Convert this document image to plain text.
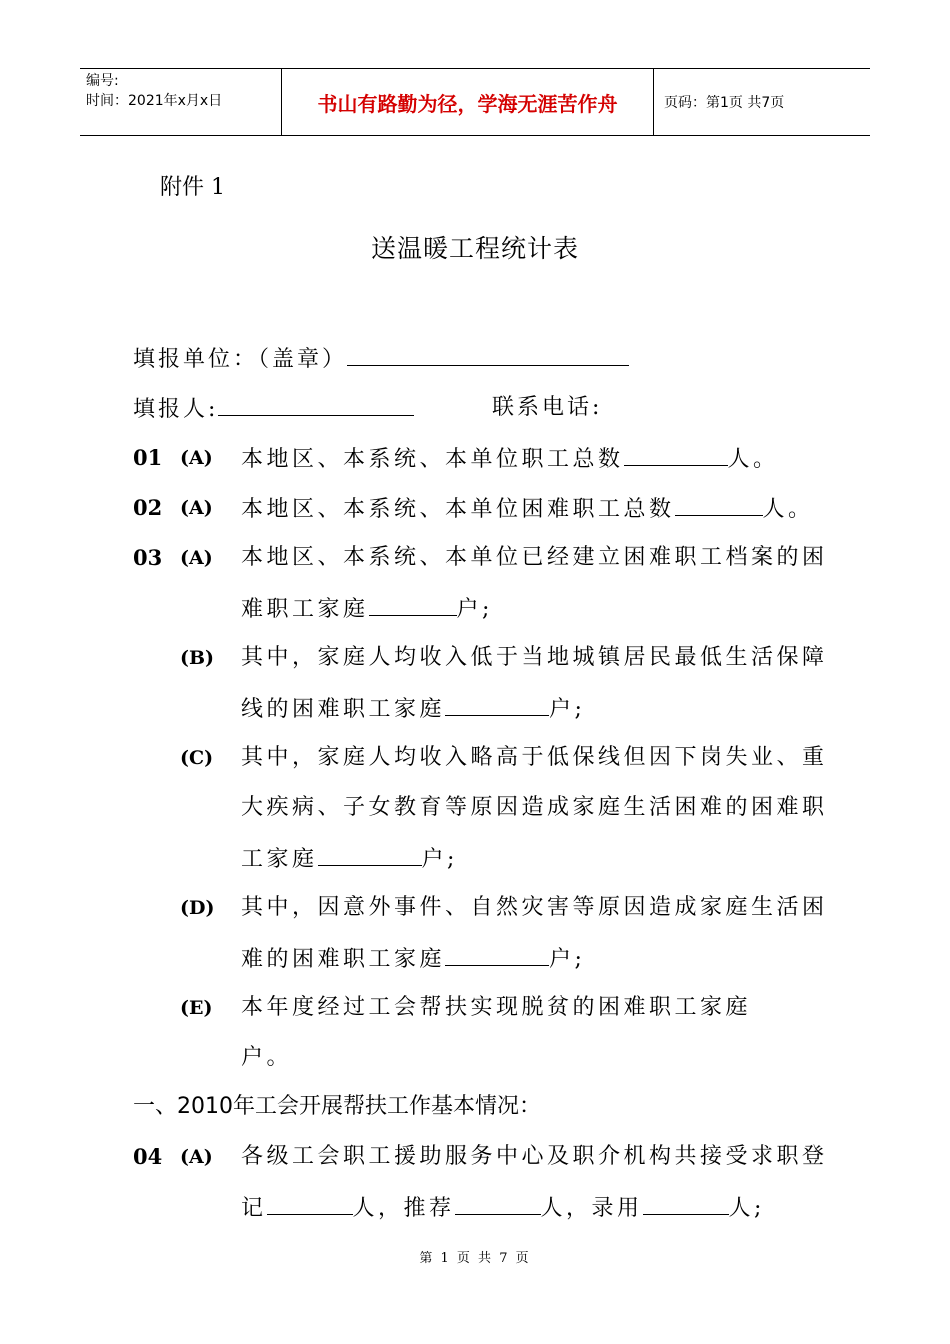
编号:
时间：2021年x月x日	书山有路勤为径，学海无涯苦作舟	页码：第1页 共7页
附件 1
送温暖工程统计表
填报单位：（盖章）
填报人:	联系电话:
01 (A) 本地区、本系统、本单位职工总数	人。
02 (A) 本地区、本系统、本单位困难职工总数	人。
03 (A) 本地区、本系统、本单位已经建立困难职工档案的困
难职工家庭	户;
(B) 其中，家庭人均收入低于当地城镇居民最低生活保障
线的困难职工家庭	户;
(C) 其中，家庭人均收入略高于低保线但因下岗失业、重
大疾病、子女教育等原因造成家庭生活困难的困难职
工家庭	户;
(D) 其中，因意外事件、自然灾害等原因造成家庭生活困
难的困难职工家庭	户;
(E) 本年度经过工会帮扶实现脱贫的困难职工家庭
户。
一、2010年工会开展帮扶工作基本情况：
04 (A) 各级工会职工援助服务中心及职介机构共接受求职登
记	人，推荐	人，录用	人;
第 1 页 共 7 页
